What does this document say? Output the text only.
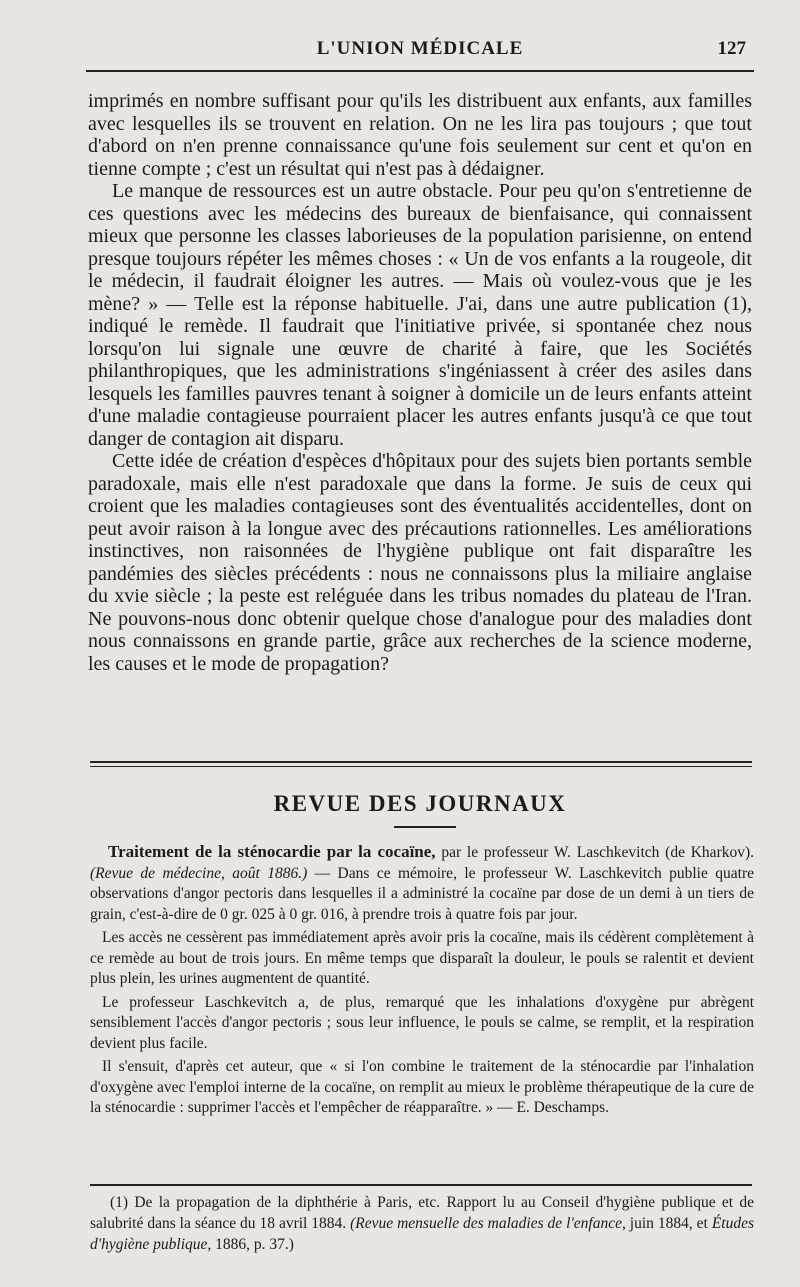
L'UNION MÉDICALE	127

imprimés en nombre suffisant pour qu'ils les distribuent aux enfants, aux familles avec lesquelles ils se trouvent en relation. On ne les lira pas toujours ; que tout d'abord on n'en prenne connaissance qu'une fois seulement sur cent et qu'on en tienne compte ; c'est un résultat qui n'est pas à dédaigner.

Le manque de ressources est un autre obstacle. Pour peu qu'on s'entretienne de ces questions avec les médecins des bureaux de bienfaisance, qui connaissent mieux que personne les classes laborieuses de la population parisienne, on entend presque toujours répéter les mêmes choses : « Un de vos enfants a la rougeole, dit le médecin, il faudrait éloigner les autres. — Mais où voulez-vous que je les mène? » — Telle est la réponse habituelle. J'ai, dans une autre publication (1), indiqué le remède. Il faudrait que l'initiative privée, si spontanée chez nous lorsqu'on lui signale une œuvre de charité à faire, que les Sociétés philanthropiques, que les administrations s'ingéniassent à créer des asiles dans lesquels les familles pauvres tenant à soigner à domicile un de leurs enfants atteint d'une maladie contagieuse pourraient placer les autres enfants jusqu'à ce que tout danger de contagion ait disparu.

Cette idée de création d'espèces d'hôpitaux pour des sujets bien portants semble paradoxale, mais elle n'est paradoxale que dans la forme. Je suis de ceux qui croient que les maladies contagieuses sont des éventualités accidentelles, dont on peut avoir raison à la longue avec des précautions rationnelles. Les améliorations instinctives, non raisonnées de l'hygiène publique ont fait disparaître les pandémies des siècles précédents : nous ne connaissons plus la miliaire anglaise du xvie siècle ; la peste est reléguée dans les tribus nomades du plateau de l'Iran. Ne pouvons-nous donc obtenir quelque chose d'analogue pour des maladies dont nous connaissons en grande partie, grâce aux recherches de la science moderne, les causes et le mode de propagation?

REVUE DES JOURNAUX

Traitement de la sténocardie par la cocaïne, par le professeur W. Laschkevitch (de Kharkov). (Revue de médecine, août 1886.) — Dans ce mémoire, le professeur W. Laschkevitch publie quatre observations d'angor pectoris dans lesquelles il a administré la cocaïne par dose de un demi à un tiers de grain, c'est-à-dire de 0 gr. 025 à 0 gr. 016, à prendre trois à quatre fois par jour.

Les accès ne cessèrent pas immédiatement après avoir pris la cocaïne, mais ils cédèrent complètement à ce remède au bout de trois jours. En même temps que disparaît la douleur, le pouls se ralentit et devient plus plein, les urines augmentent de quantité.

Le professeur Laschkevitch a, de plus, remarqué que les inhalations d'oxygène pur abrègent sensiblement l'accès d'angor pectoris ; sous leur influence, le pouls se calme, se remplit, et la respiration devient plus facile.

Il s'ensuit, d'après cet auteur, que « si l'on combine le traitement de la sténocardie par l'inhalation d'oxygène avec l'emploi interne de la cocaïne, on remplit au mieux le problème thérapeutique de la cure de la sténocardie : supprimer l'accès et l'empêcher de réapparaître. » — E. Deschamps.

(1) De la propagation de la diphthérie à Paris, etc. Rapport lu au Conseil d'hygiène publique et de salubrité dans la séance du 18 avril 1884. (Revue mensuelle des maladies de l'enfance, juin 1884, et Études d'hygiène publique, 1886, p. 37.)
